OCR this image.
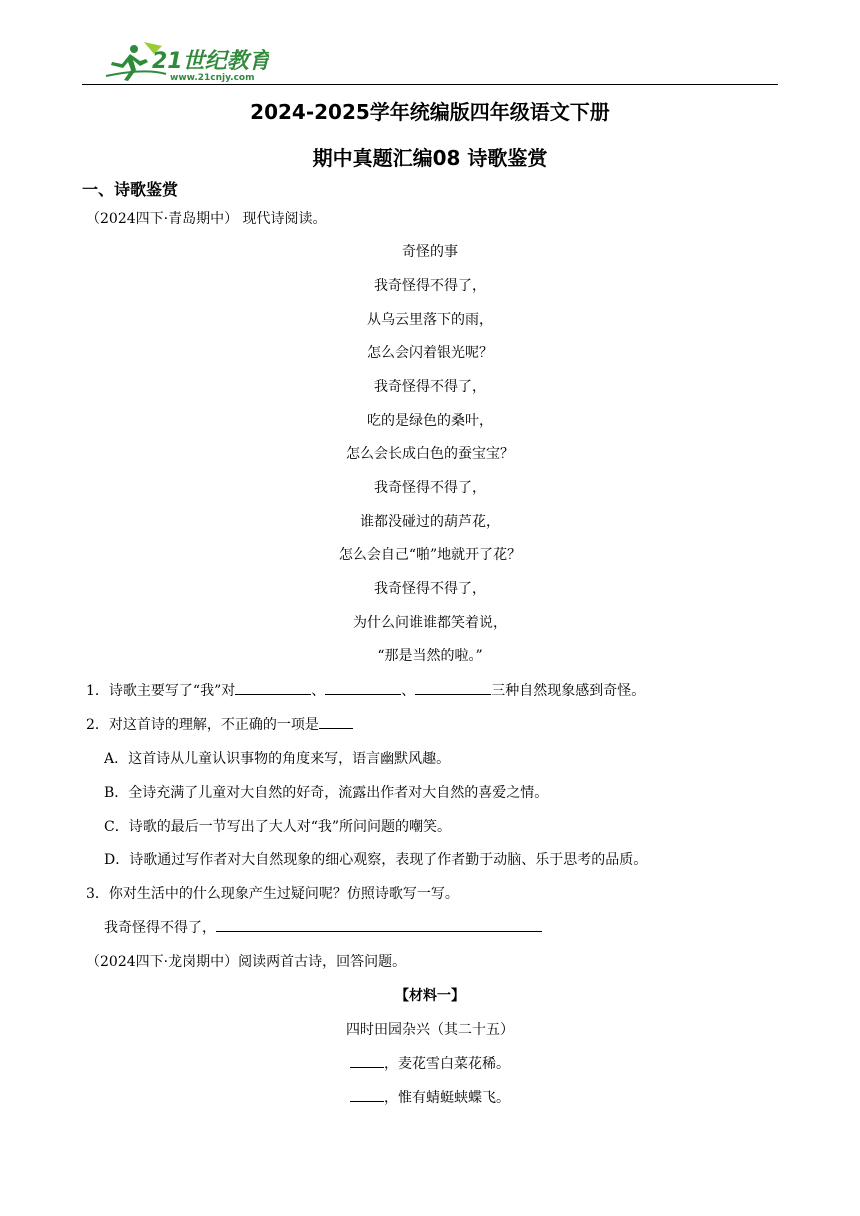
21世纪教育
www.21cnjy.com
2024-2025学年统编版四年级语文下册
期中真题汇编08 诗歌鉴赏
一、诗歌鉴赏
（2024四下·青岛期中） 现代诗阅读。
奇怪的事
我奇怪得不得了，
从乌云里落下的雨，
怎么会闪着银光呢？
我奇怪得不得了，
吃的是绿色的桑叶，
怎么会长成白色的蚕宝宝？
我奇怪得不得了，
谁都没碰过的葫芦花，
怎么会自己“啪”地就开了花？
我奇怪得不得了，
为什么问谁谁都笑着说，
“那是当然的啦。”
1．诗歌主要写了“我”对	、	、	三种自然现象感到奇怪。
2．对这首诗的理解，不正确的一项是
A．这首诗从儿童认识事物的角度来写，语言幽默风趣。
B．全诗充满了儿童对大自然的好奇，流露出作者对大自然的喜爱之情。
C．诗歌的最后一节写出了大人对“我”所问问题的嘲笑。
D．诗歌通过写作者对大自然现象的细心观察，表现了作者勤于动脑、乐于思考的品质。
3．你对生活中的什么现象产生过疑问呢？仿照诗歌写一写。
我奇怪得不得了，
（2024四下·龙岗期中）阅读两首古诗，回答问题。
【材料一】
四时田园杂兴（其二十五）
，麦花雪白菜花稀。
，惟有蜻蜓蛱蝶飞。
